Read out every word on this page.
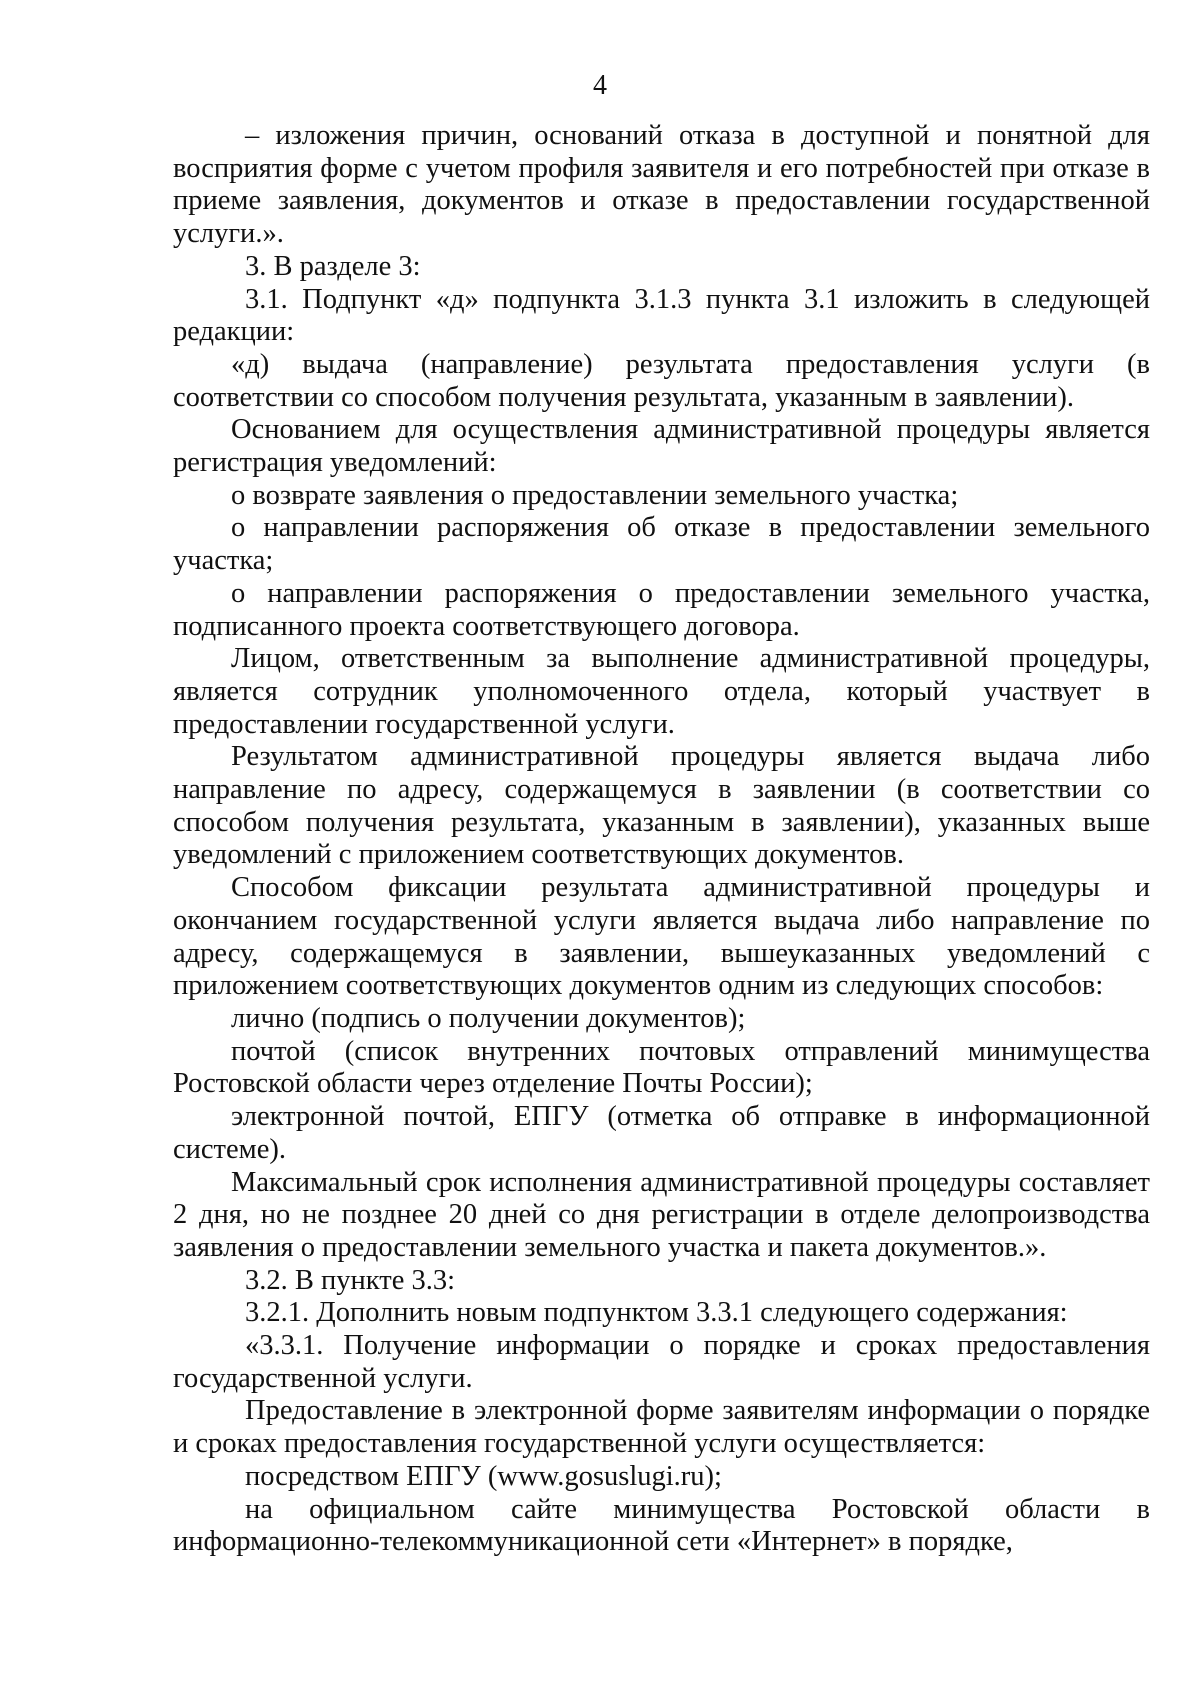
4

– изложения причин, оснований отказа в доступной и понятной для восприятия форме с учетом профиля заявителя и его потребностей при отказе в приеме заявления, документов и отказе в предоставлении государственной услуги.».

3. В разделе 3:

3.1. Подпункт «д» подпункта 3.1.3 пункта 3.1 изложить в следующей редакции:

«д) выдача (направление) результата предоставления услуги (в соответствии со способом получения результата, указанным в заявлении).

Основанием для осуществления административной процедуры является регистрация уведомлений:

о возврате заявления о предоставлении земельного участка;

о направлении распоряжения об отказе в предоставлении земельного участка;

о направлении распоряжения о предоставлении земельного участка, подписанного проекта соответствующего договора.

Лицом, ответственным за выполнение административной процедуры, является сотрудник уполномоченного отдела, который участвует в предоставлении государственной услуги.

Результатом административной процедуры является выдача либо направление по адресу, содержащемуся в заявлении (в соответствии со способом получения результата, указанным в заявлении), указанных выше уведомлений с приложением соответствующих документов.

Способом фиксации результата административной процедуры и окончанием государственной услуги является выдача либо направление по адресу, содержащемуся в заявлении, вышеуказанных уведомлений с приложением соответствующих документов одним из следующих способов:

лично (подпись о получении документов);

почтой (список внутренних почтовых отправлений минимущества Ростовской области через отделение Почты России);

электронной почтой, ЕПГУ (отметка об отправке в информационной системе).

Максимальный срок исполнения административной процедуры составляет 2 дня, но не позднее 20 дней со дня регистрации в отделе делопроизводства заявления о предоставлении земельного участка и пакета документов.».

3.2. В пункте 3.3:

3.2.1. Дополнить новым подпунктом 3.3.1 следующего содержания:

«3.3.1. Получение информации о порядке и сроках предоставления государственной услуги.

Предоставление в электронной форме заявителям информации о порядке и сроках предоставления государственной услуги осуществляется:

посредством ЕПГУ (www.gosuslugi.ru);

на официальном сайте минимущества Ростовской области в информационно-телекоммуникационной сети «Интернет» в порядке,
